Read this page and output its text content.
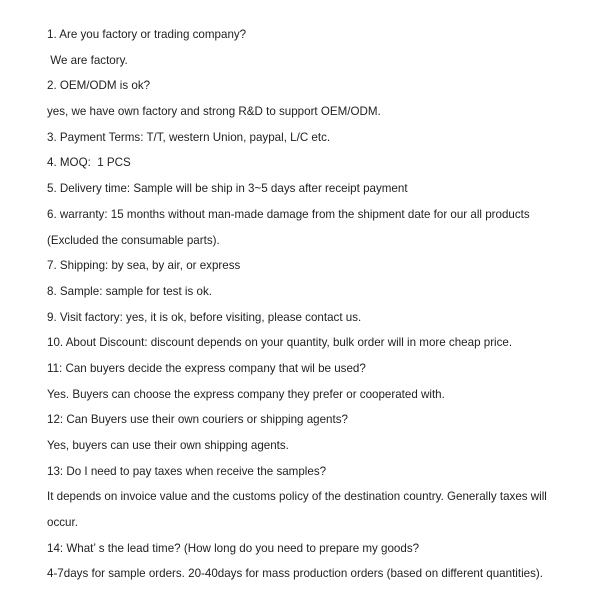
1. Are you factory or trading company?
We are factory.
2. OEM/ODM is ok?
yes, we have own factory and strong R&D to support OEM/ODM.
3. Payment Terms: T/T, western Union, paypal, L/C etc.
4. MOQ:  1 PCS
5. Delivery time: Sample will be ship in 3~5 days after receipt payment
6. warranty: 15 months without man-made damage from the shipment date for our all products
(Excluded the consumable parts).
7. Shipping: by sea, by air, or express
8. Sample: sample for test is ok.
9. Visit factory: yes, it is ok, before visiting, please contact us.
10. About Discount: discount depends on your quantity, bulk order will in more cheap price.
11: Can buyers decide the express company that wil be used?
Yes. Buyers can choose the express company they prefer or cooperated with.
12: Can Buyers use their own couriers or shipping agents?
Yes, buyers can use their own shipping agents.
13: Do I need to pay taxes when receive the samples?
It depends on invoice value and the customs policy of the destination country. Generally taxes will
occur.
14: What’ s the lead time? (How long do you need to prepare my goods?
4-7days for sample orders. 20-40days for mass production orders (based on different quantities).
